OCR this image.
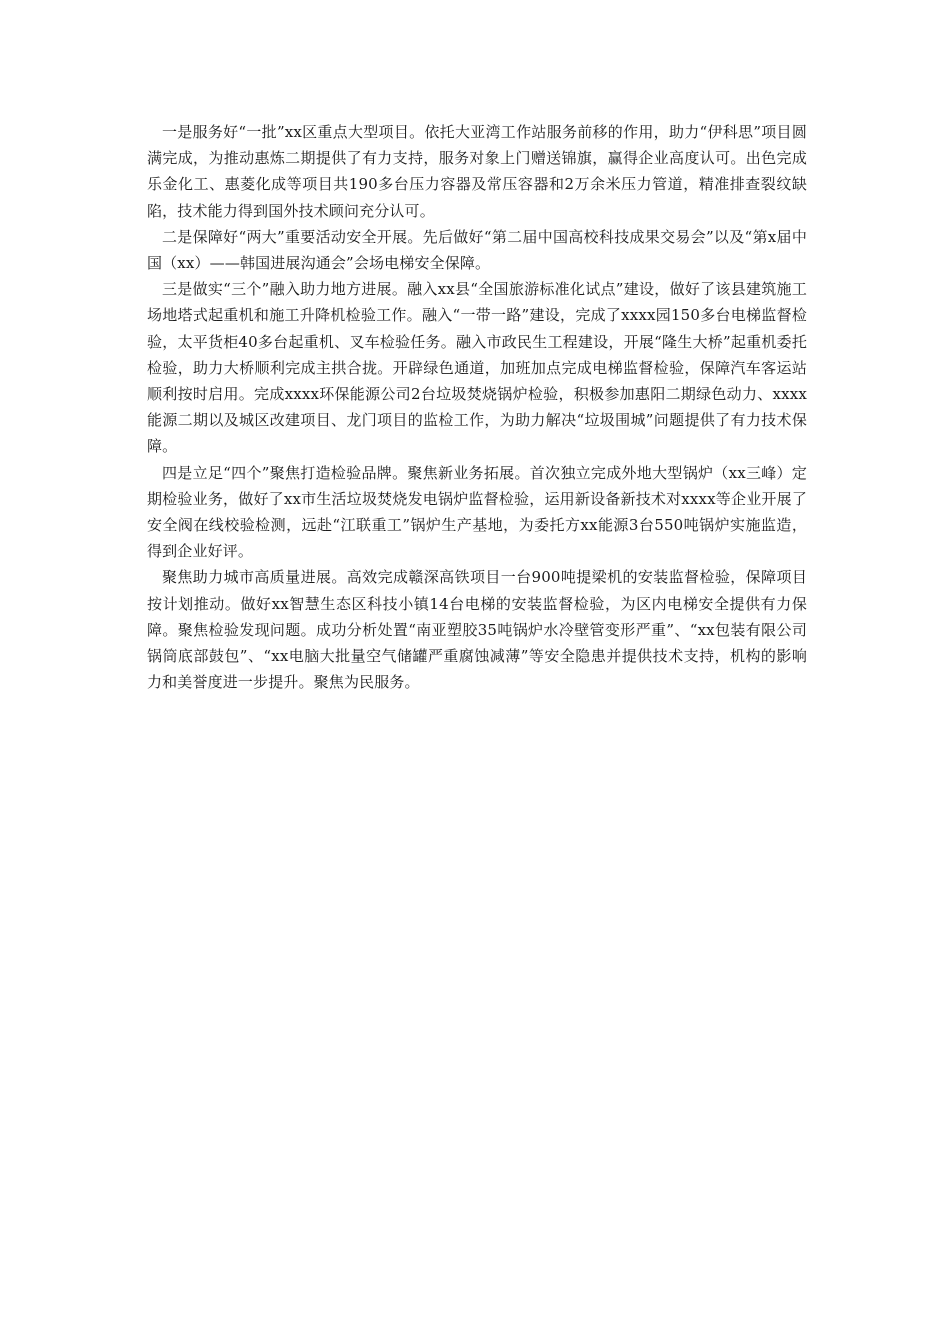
一是服务好“一批”xx区重点大型项目。依托大亚湾工作站服务前移的作用，助力“伊科思”项目圆满完成，为推动惠炼二期提供了有力支持，服务对象上门赠送锦旗，赢得企业高度认可。出色完成乐金化工、惠菱化成等项目共190多台压力容器及常压容器和2万余米压力管道，精准排查裂纹缺陷，技术能力得到国外技术顾问充分认可。

二是保障好“两大”重要活动安全开展。先后做好“第二届中国高校科技成果交易会”以及“第x届中国（xx）——韩国进展沟通会”会场电梯安全保障。

三是做实“三个”融入助力地方进展。融入xx县“全国旅游标准化试点”建设，做好了该县建筑施工场地塔式起重机和施工升降机检验工作。融入“一带一路”建设，完成了xxxx园150多台电梯监督检验，太平货柜40多台起重机、叉车检验任务。融入市政民生工程建设，开展“隆生大桥”起重机委托检验，助力大桥顺利完成主拱合拢。开辟绿色通道，加班加点完成电梯监督检验，保障汽车客运站顺利按时启用。完成xxxx环保能源公司2台垃圾焚烧锅炉检验，积极参加惠阳二期绿色动力、xxxx能源二期以及城区改建项目、龙门项目的监检工作，为助力解决“垃圾围城”问题提供了有力技术保障。

四是立足“四个”聚焦打造检验品牌。聚焦新业务拓展。首次独立完成外地大型锅炉（xx三峰）定期检验业务，做好了xx市生活垃圾焚烧发电锅炉监督检验，运用新设备新技术对xxxx等企业开展了安全阀在线校验检测，远赴“江联重工”锅炉生产基地，为委托方xx能源3台550吨锅炉实施监造，得到企业好评。

聚焦助力城市高质量进展。高效完成赣深高铁项目一台900吨提梁机的安装监督检验，保障项目按计划推动。做好xx智慧生态区科技小镇14台电梯的安装监督检验，为区内电梯安全提供有力保障。聚焦检验发现问题。成功分析处置“南亚塑胶35吨锅炉水冷壁管变形严重”、“xx包装有限公司锅筒底部鼓包”、“xx电脑大批量空气储罐严重腐蚀减薄”等安全隐患并提供技术支持，机构的影响力和美誉度进一步提升。聚焦为民服务。
